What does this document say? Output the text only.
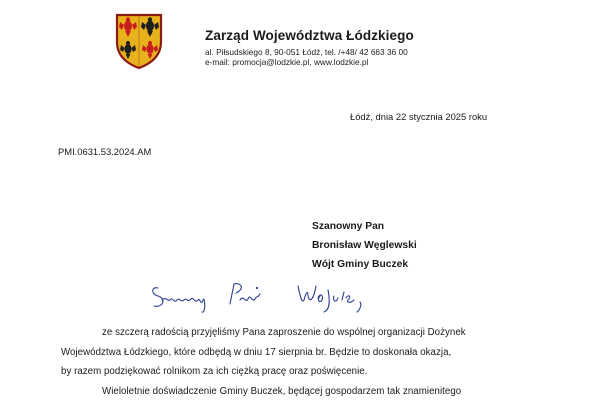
Zarząd Województwa Łódzkiego
al. Piłsudskiego 8, 90-051 Łódź, tel. /+48/ 42 663 36 00
e-mail: promocja@lodzkie.pl, www.lodzkie.pl
Łódź, dnia 22 stycznia 2025 roku
PMI.0631.53.2024.AM
Szanowny Pan
Bronisław Węglewski
Wójt Gminy Buczek
ze szczerą radością przyjęliśmy Pana zaproszenie do wspólnej organizacji Dożynek
Województwa Łódzkiego, które odbędą w dniu 17 sierpnia br. Będzie to doskonała okazja,
by razem podziękować rolnikom za ich ciężką pracę oraz poświęcenie.
Wieloletnie doświadczenie Gminy Buczek, będącej gospodarzem tak znamienitego
